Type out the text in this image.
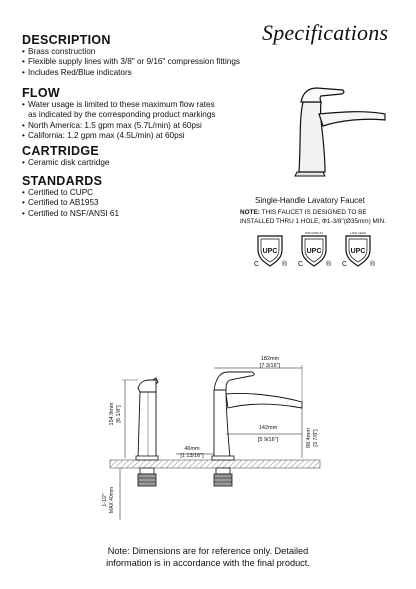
Specifications
DESCRIPTION
• Brass construction
• Flexible supply lines with 3/8" or 9/16" compression fittings
• Includes Red/Blue indicators
FLOW
• Water usage is limited to these maximum flow rates
as indicated by the corresponding product markings
• North America: 1.5 gpm max (5.7L/min) at 60psi
• California: 1.2 gpm max (4.5L/min) at 60psi
CARTRIDGE
• Ceramic disk cartridge
STANDARDS
• Certified to CUPC
• Certified to AB1953
• Certified to NSF/ANSI 61
Single-Handle Lavatory Faucet
NOTE: THIS FAUCET IS DESIGNED TO BE
INSTALLED THRU 1 HOLE, Φ1-3/8"(Ø35mm) MIN.
UPC
C	®
NSF/ANSI 61
UPC
C	®
LOW LEAD
UPC
C	®
154.9mm [6 1/8"]
1-1/2" MAX 40mm
182mm
[7 3/16"]
142mm
[5 9/16"]	98.4mm [3 7/8"]
46mm
[1 13/16"]
Note: Dimensions are for reference only. Detailed
information is in accordance with the final product.
